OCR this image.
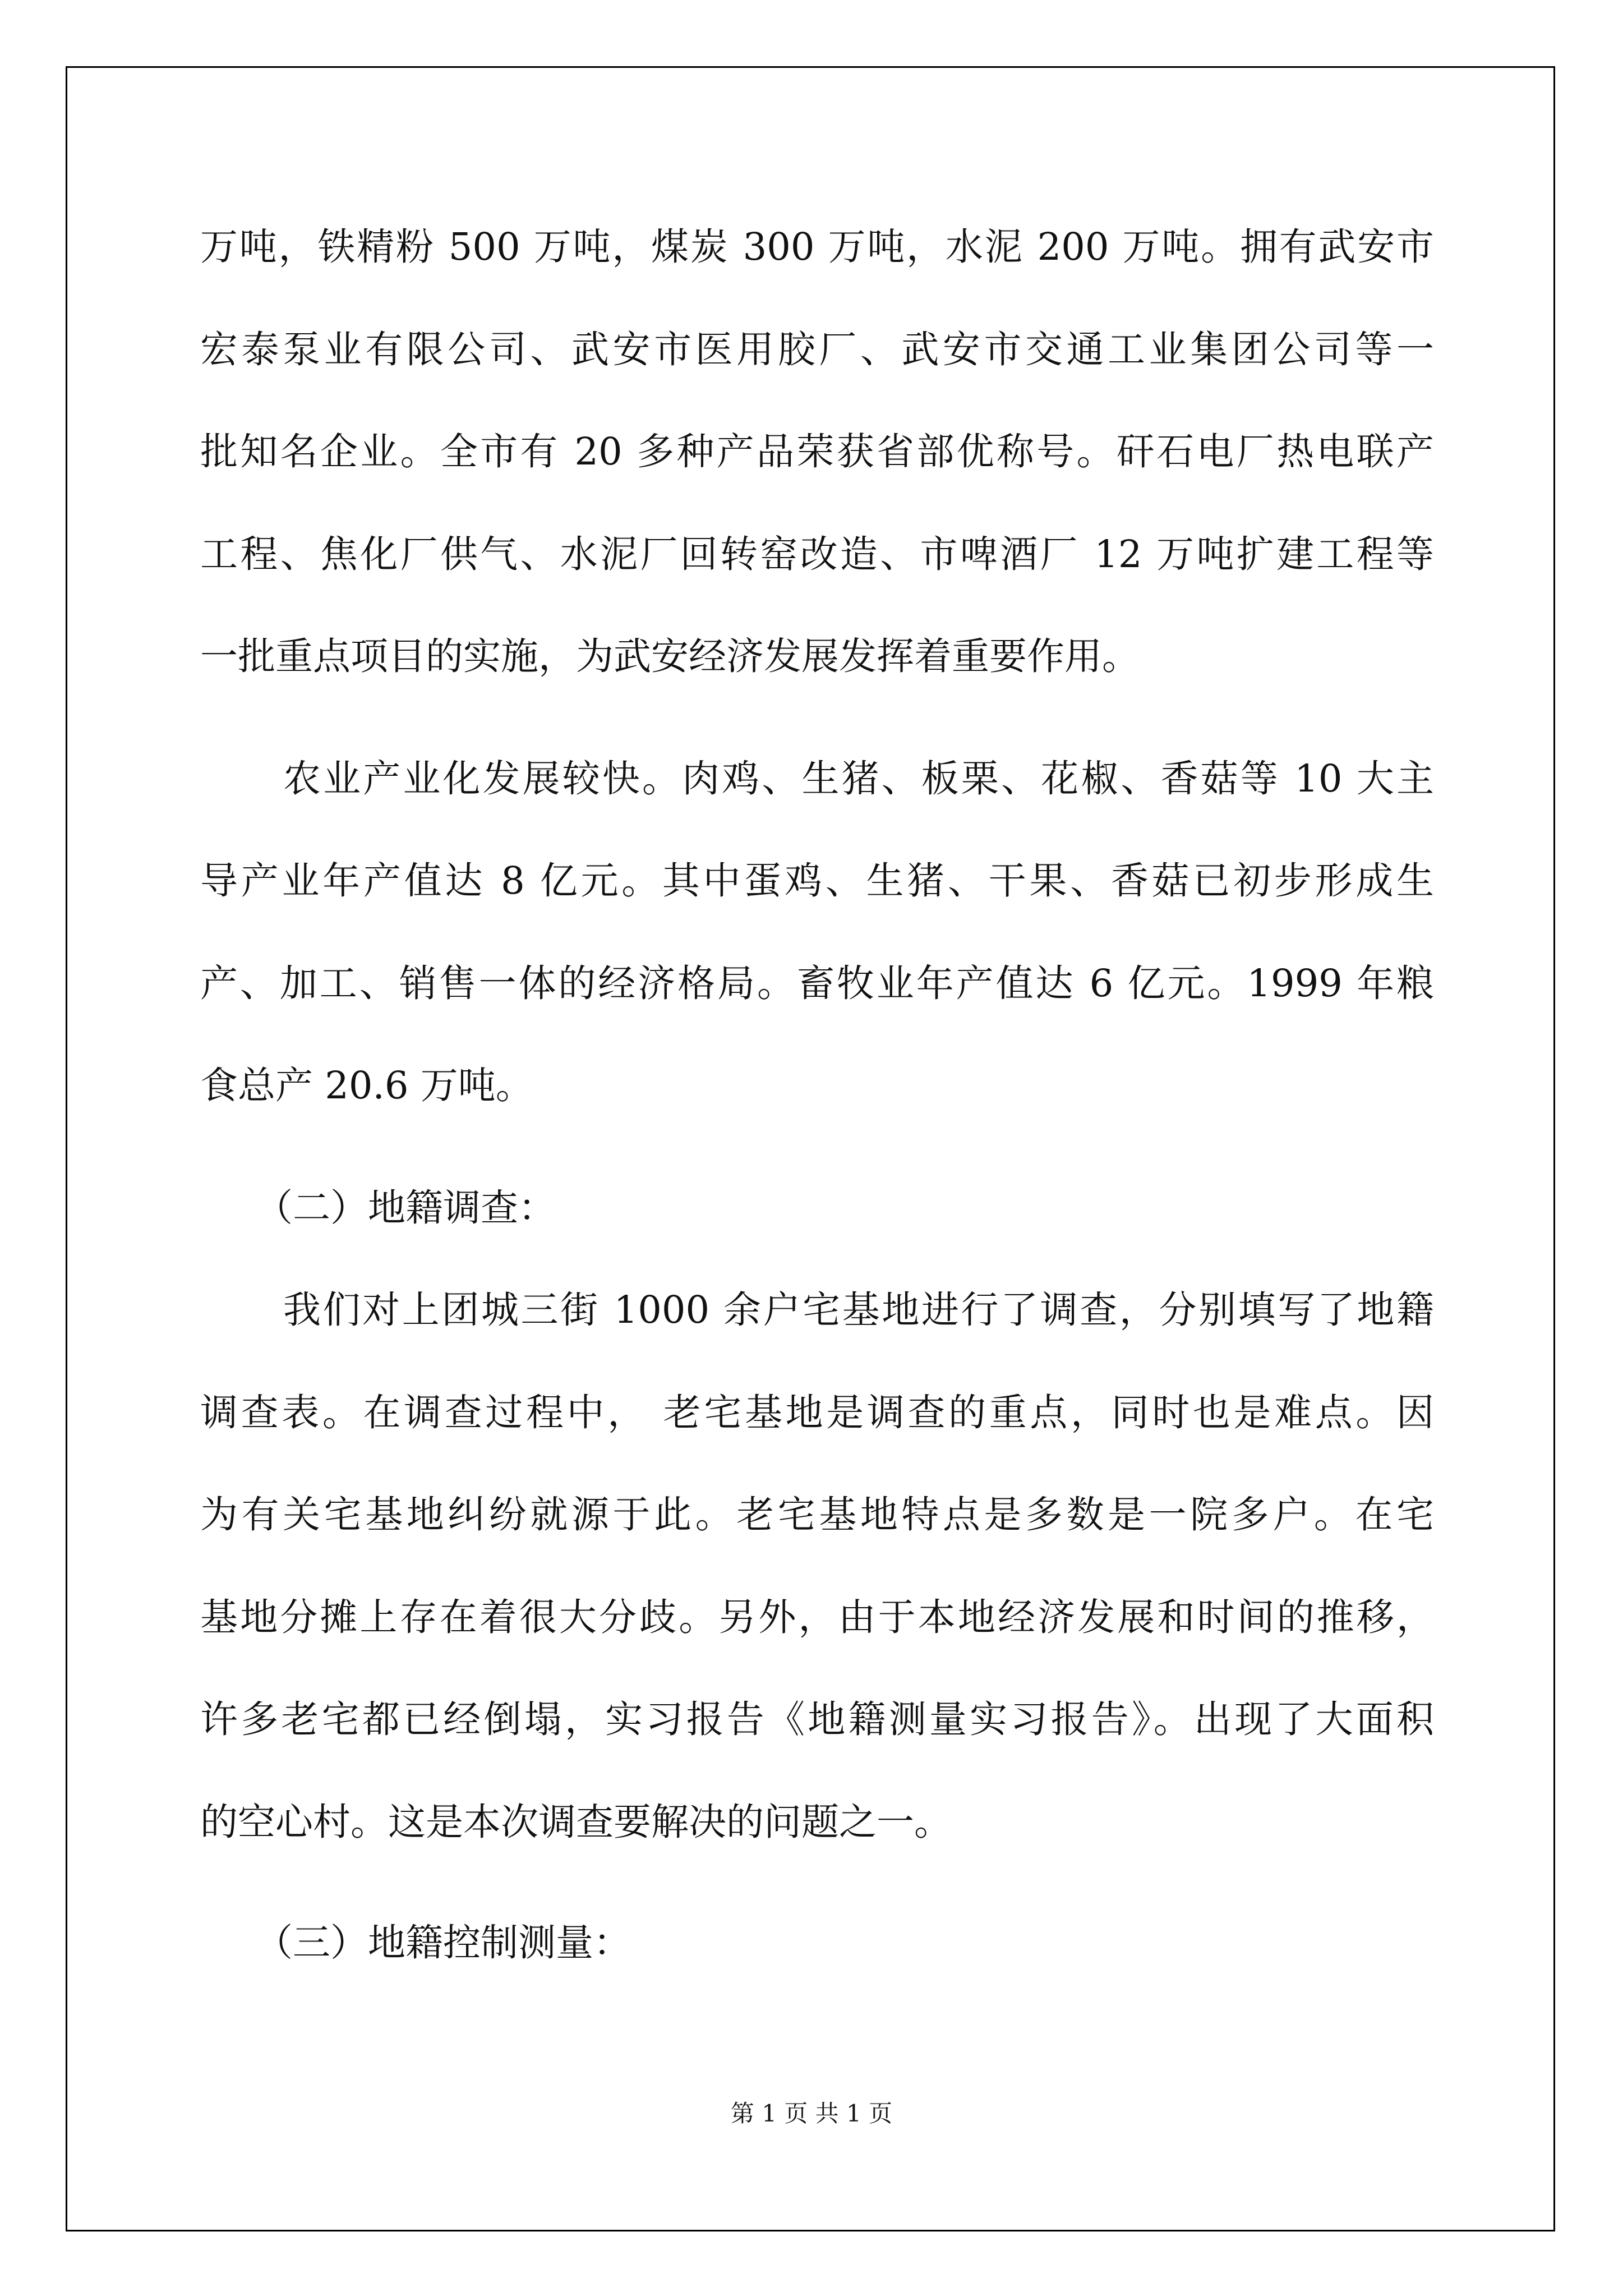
万吨，铁精粉 500 万吨，煤炭 300 万吨，水泥 200 万吨。拥有武安市

宏泰泵业有限公司、武安市医用胶厂、武安市交通工业集团公司等一

批知名企业。全市有 20 多种产品荣获省部优称号。矸石电厂热电联产

工程、焦化厂供气、水泥厂回转窑改造、市啤酒厂 12 万吨扩建工程等

一批重点项目的实施，为武安经济发展发挥着重要作用。

农业产业化发展较快。肉鸡、生猪、板栗、花椒、香菇等 10 大主

导产业年产值达 8 亿元。其中蛋鸡、生猪、干果、香菇已初步形成生

产、加工、销售一体的经济格局。畜牧业年产值达 6 亿元。1999 年粮

食总产 20.6 万吨。

（二）地籍调查：

我们对上团城三街 1000 余户宅基地进行了调查，分别填写了地籍

调查表。在调查过程中， 老宅基地是调查的重点，同时也是难点。因

为有关宅基地纠纷就源于此。老宅基地特点是多数是一院多户。在宅

基地分摊上存在着很大分歧。另外，由于本地经济发展和时间的推移，

许多老宅都已经倒塌，实习报告《地籍测量实习报告》。出现了大面积

的空心村。这是本次调查要解决的问题之一。

（三）地籍控制测量：

第 1 页 共 1 页
